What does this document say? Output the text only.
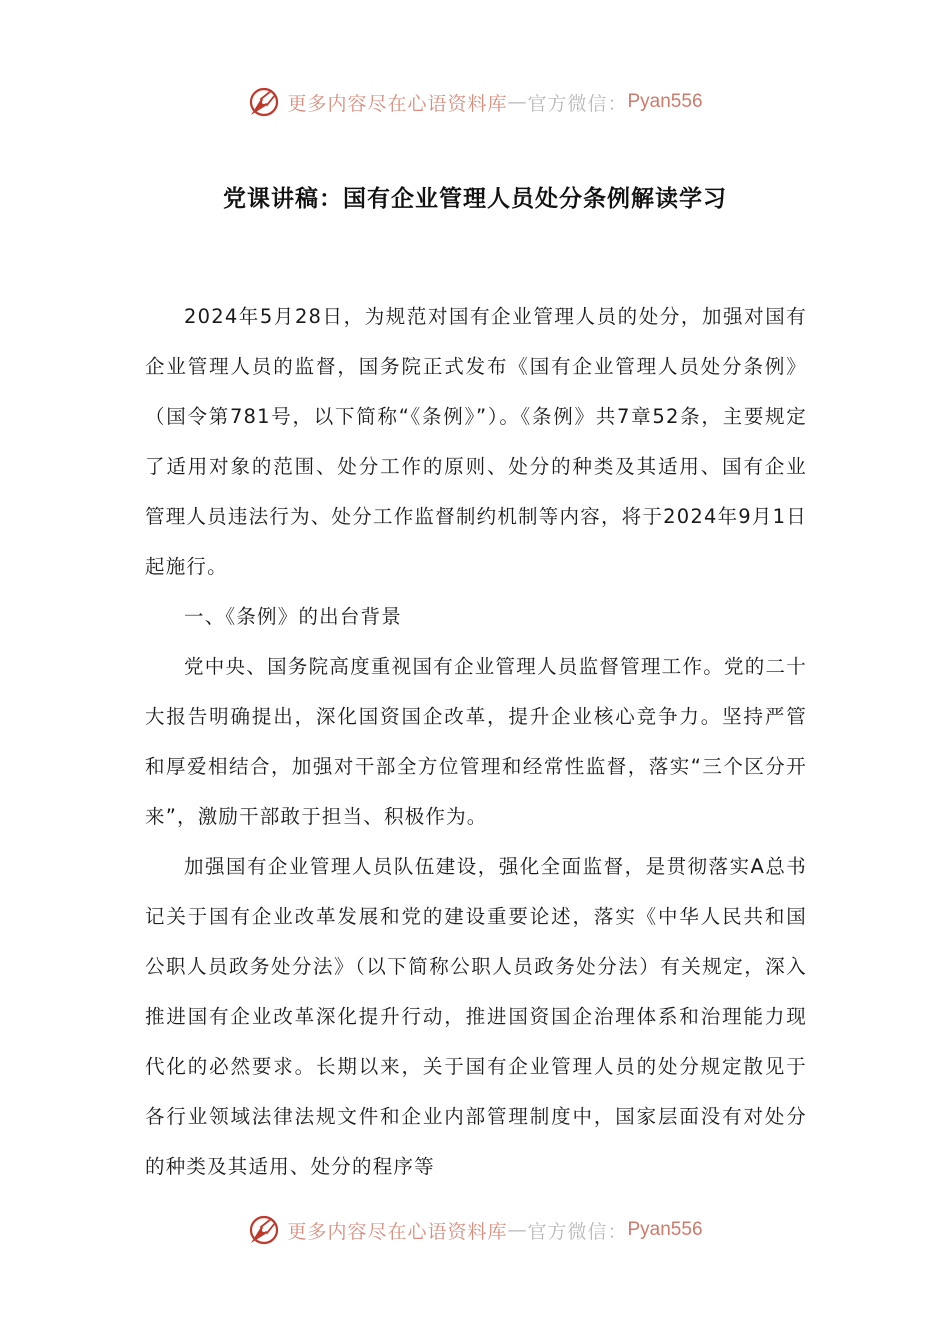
更多内容尽在心语资料库 — 官方微信： Pyan556
党课讲稿：国有企业管理人员处分条例解读学习

2024年5月28日，为规范对国有企业管理人员的处分，加强对国有企业管理人员的监督，国务院正式发布《国有企业管理人员处分条例》（国令第781号，以下简称“《条例》”）。《条例》共7章52条，主要规定了适用对象的范围、处分工作的原则、处分的种类及其适用、国有企业管理人员违法行为、处分工作监督制约机制等内容，将于2024年9月1日起施行。

一、《条例》的出台背景

党中央、国务院高度重视国有企业管理人员监督管理工作。党的二十大报告明确提出，深化国资国企改革，提升企业核心竞争力。坚持严管和厚爱相结合，加强对干部全方位管理和经常性监督，落实“三个区分开来”，激励干部敢于担当、积极作为。

加强国有企业管理人员队伍建设，强化全面监督，是贯彻落实A总书记关于国有企业改革发展和党的建设重要论述，落实《中华人民共和国公职人员政务处分法》（以下简称公职人员政务处分法）有关规定，深入推进国有企业改革深化提升行动，推进国资国企治理体系和治理能力现代化的必然要求。长期以来，关于国有企业管理人员的处分规定散见于各行业领域法律法规文件和企业内部管理制度中，国家层面没有对处分的种类及其适用、处分的程序等

更多内容尽在心语资料库 — 官方微信： Pyan556
